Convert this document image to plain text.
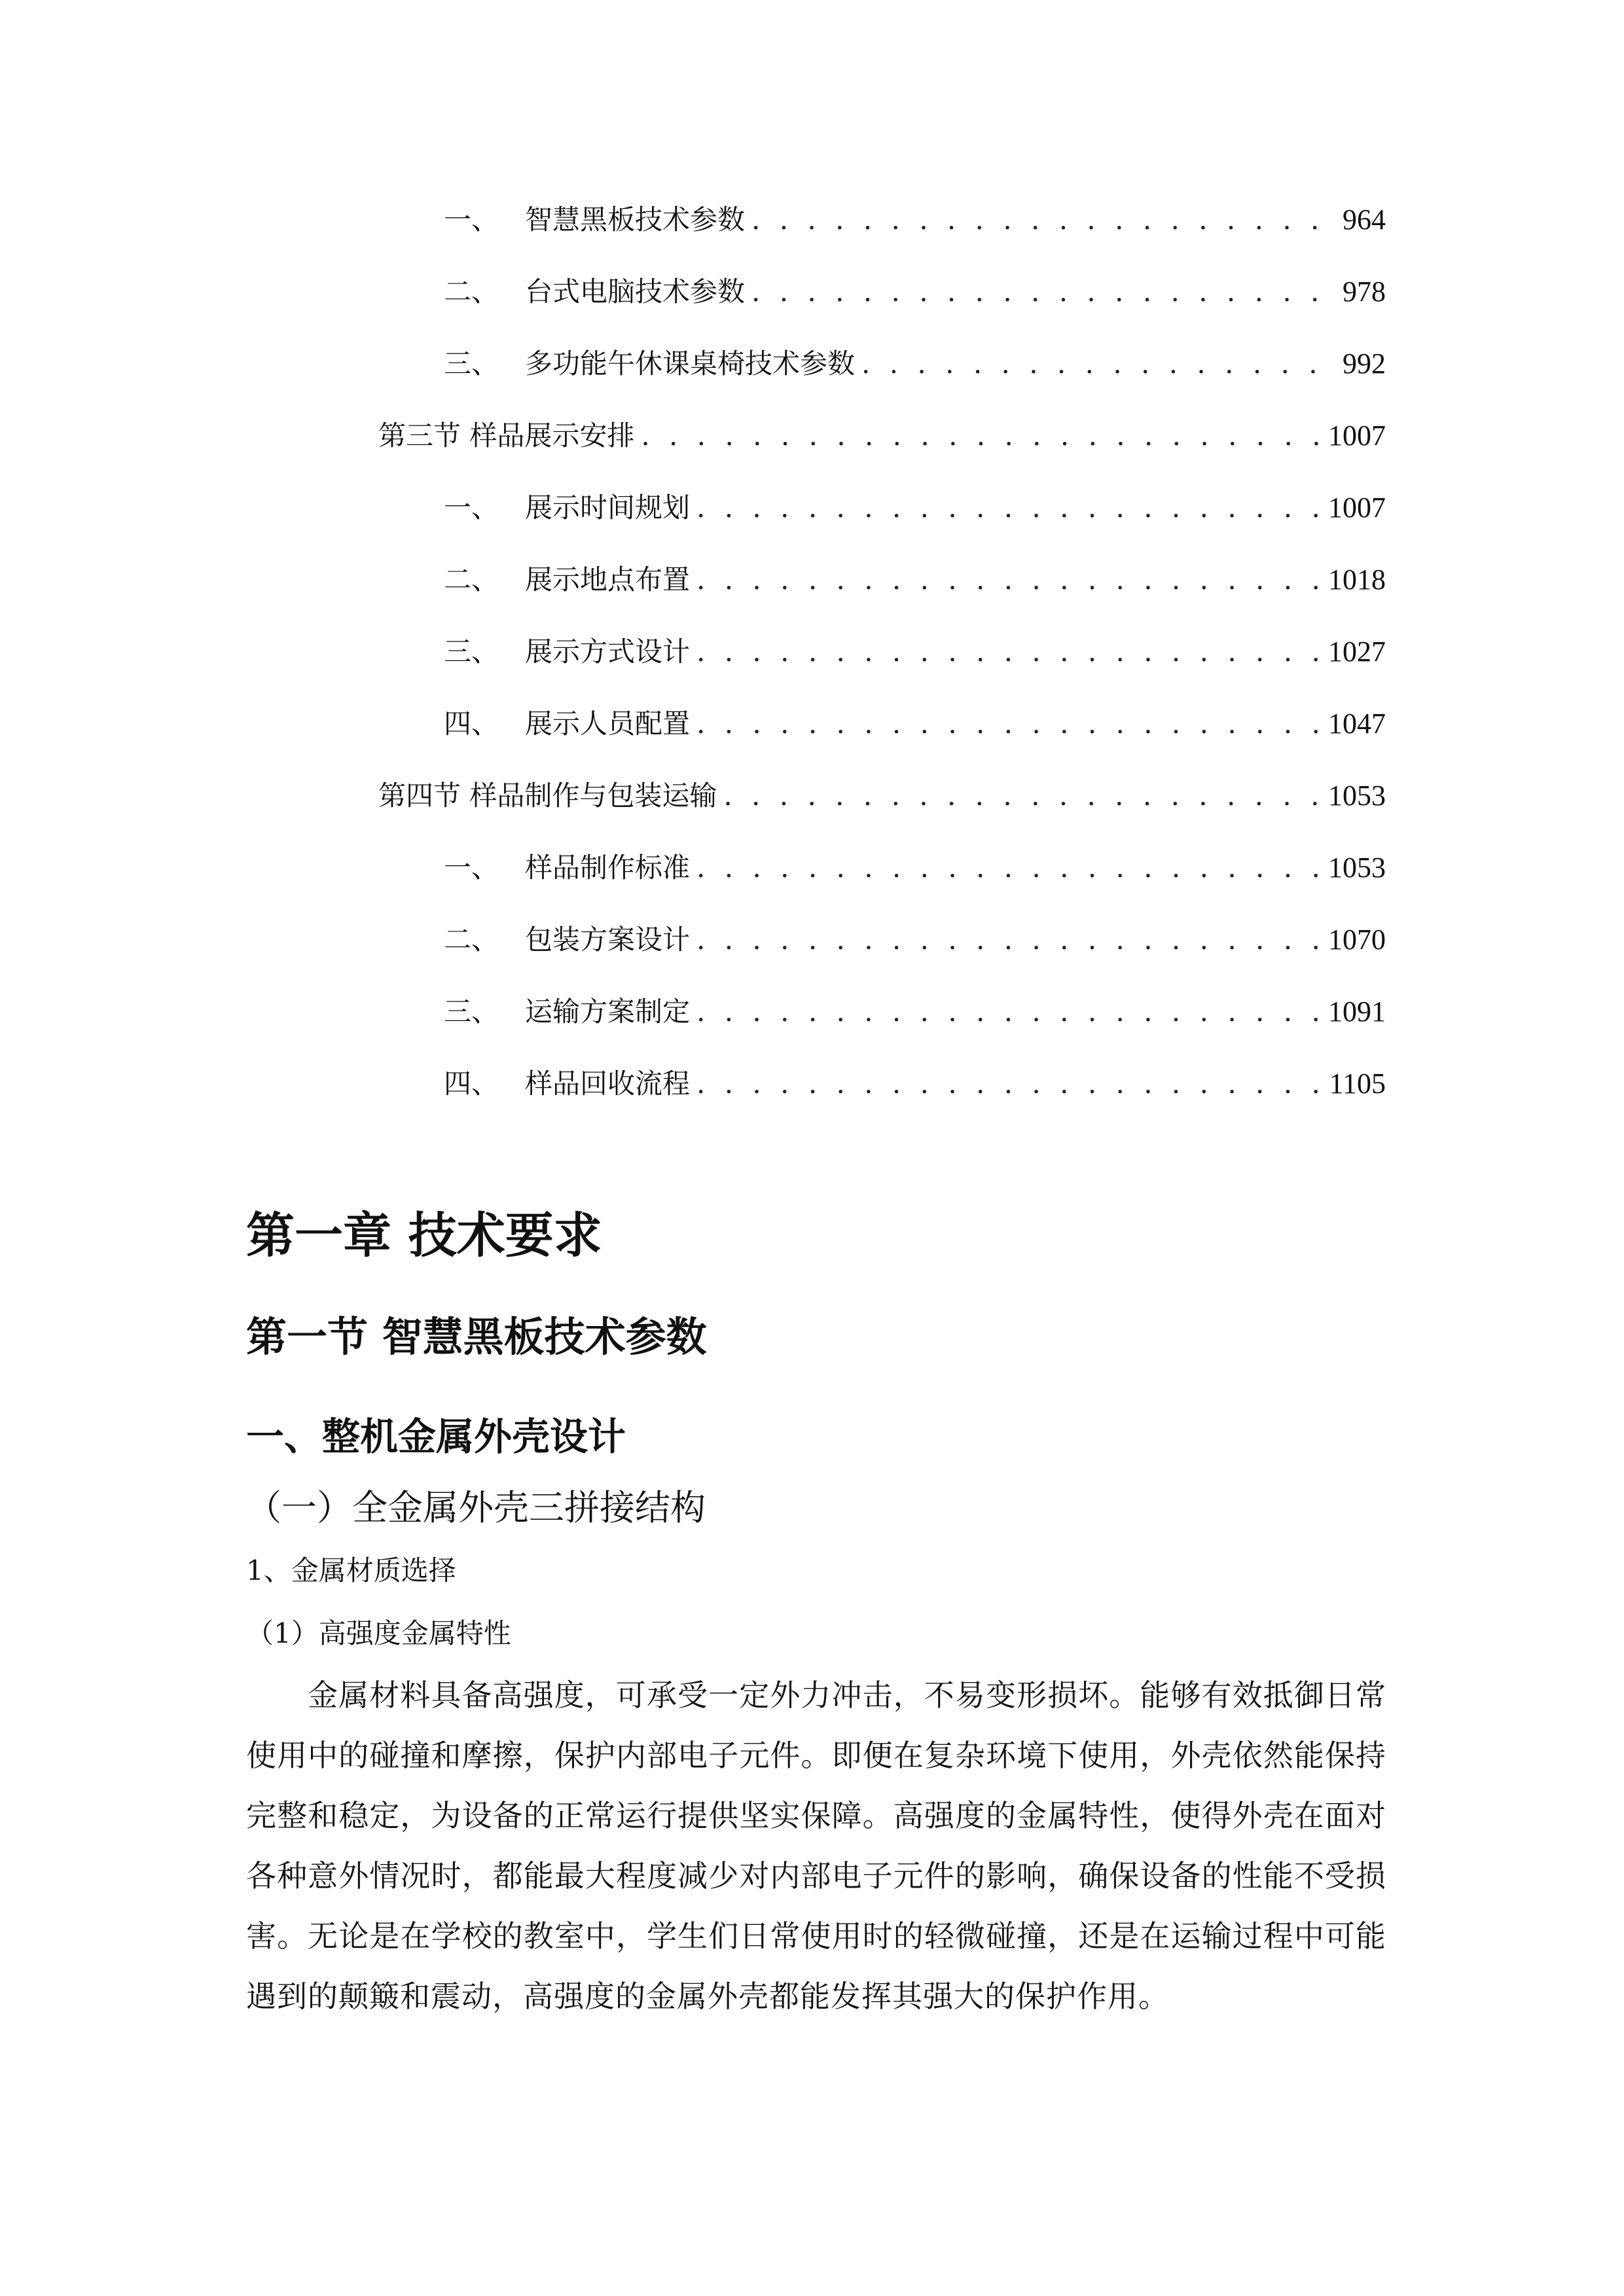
一、 智慧黑板技术参数 . . .	964
二、 台式电脑技术参数 . . .	978
三、 多功能午休课桌椅技术参数 . . .	992
第三节 样品展示安排 . . .	1007
一、 展示时间规划 . . .	1007
二、 展示地点布置 . . .	1018
三、 展示方式设计 . . .	1027
四、 展示人员配置 . . .	1047
第四节 样品制作与包装运输 . . .	1053
一、 样品制作标准 . . .	1053
二、 包装方案设计 . . .	1070
三、 运输方案制定 . . .	1091
四、 样品回收流程 . . .	1105
第一章 技术要求
第一节 智慧黑板技术参数
一、整机金属外壳设计
（一）全金属外壳三拼接结构
1、金属材质选择
（1）高强度金属特性

金属材料具备高强度，可承受一定外力冲击，不易变形损坏。能够有效抵御日常使用中的碰撞和摩擦，保护内部电子元件。即便在复杂环境下使用，外壳依然能保持完整和稳定，为设备的正常运行提供坚实保障。高强度的金属特性，使得外壳在面对各种意外情况时，都能最大程度减少对内部电子元件的影响，确保设备的性能不受损害。无论是在学校的教室中，学生们日常使用时的轻微碰撞，还是在运输过程中可能遇到的颠簸和震动，高强度的金属外壳都能发挥其强大的保护作用。
